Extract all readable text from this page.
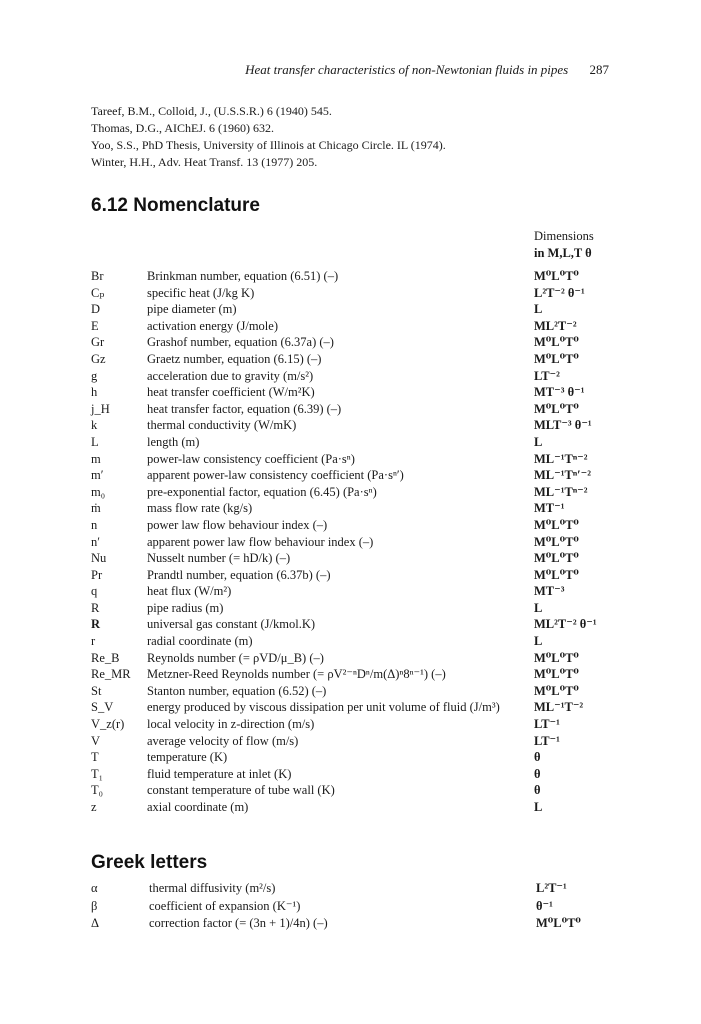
Heat transfer characteristics of non-Newtonian fluids in pipes 287
Tareef, B.M., Colloid, J., (U.S.S.R.) 6 (1940) 545.
Thomas, D.G., AIChEJ. 6 (1960) 632.
Yoo, S.S., PhD Thesis, University of Illinois at Chicago Circle. IL (1974).
Winter, H.H., Adv. Heat Transf. 13 (1977) 205.
6.12 Nomenclature
Dimensions
in M,L,T θ
Br	Brinkman number, equation (6.51) (–)	M⁰L⁰T⁰
Cₚ	specific heat (J/kg K)	L²T⁻² θ⁻¹
D	pipe diameter (m)	L
E	activation energy (J/mole)	ML²T⁻²
Gr	Grashof number, equation (6.37a) (–)	M⁰L⁰T⁰
Gz	Graetz number, equation (6.15) (–)	M⁰L⁰T⁰
g	acceleration due to gravity (m/s²)	LT⁻²
h	heat transfer coefficient (W/m²K)	MT⁻³ θ⁻¹
j_H	heat transfer factor, equation (6.39) (–)	M⁰L⁰T⁰
k	thermal conductivity (W/mK)	MLT⁻³ θ⁻¹
L	length (m)	L
m	power-law consistency coefficient (Pa·sⁿ)	ML⁻¹Tⁿ⁻²
m′	apparent power-law consistency coefficient (Pa·sⁿ′)	ML⁻¹Tⁿ′⁻²
m₀	pre-exponential factor, equation (6.45) (Pa·sⁿ)	ML⁻¹Tⁿ⁻²
ṁ	mass flow rate (kg/s)	MT⁻¹
n	power law flow behaviour index (–)	M⁰L⁰T⁰
n′	apparent power law flow behaviour index (–)	M⁰L⁰T⁰
Nu	Nusselt number (= hD/k) (–)	M⁰L⁰T⁰
Pr	Prandtl number, equation (6.37b) (–)	M⁰L⁰T⁰
q	heat flux (W/m²)	MT⁻³
R	pipe radius (m)	L
R	universal gas constant (J/kmol.K)	ML²T⁻² θ⁻¹
r	radial coordinate (m)	L
Re_B	Reynolds number (= ρVD/μ_B) (–)	M⁰L⁰T⁰
Re_MR	Metzner-Reed Reynolds number (= ρV²⁻ⁿDⁿ/m(Δ)ⁿ8ⁿ⁻¹) (–)	M⁰L⁰T⁰
St	Stanton number, equation (6.52) (–)	M⁰L⁰T⁰
S_V	energy produced by viscous dissipation per unit volume of fluid (J/m³)	ML⁻¹T⁻²
V_z(r)	local velocity in z-direction (m/s)	LT⁻¹
V	average velocity of flow (m/s)	LT⁻¹
T	temperature (K)	θ
T₁	fluid temperature at inlet (K)	θ
T₀	constant temperature of tube wall (K)	θ
z	axial coordinate (m)	L
Greek letters
α	thermal diffusivity (m²/s)	L²T⁻¹
β	coefficient of expansion (K⁻¹)	θ⁻¹
Δ	correction factor (= (3n + 1)/4n) (–)	M⁰L⁰T⁰
